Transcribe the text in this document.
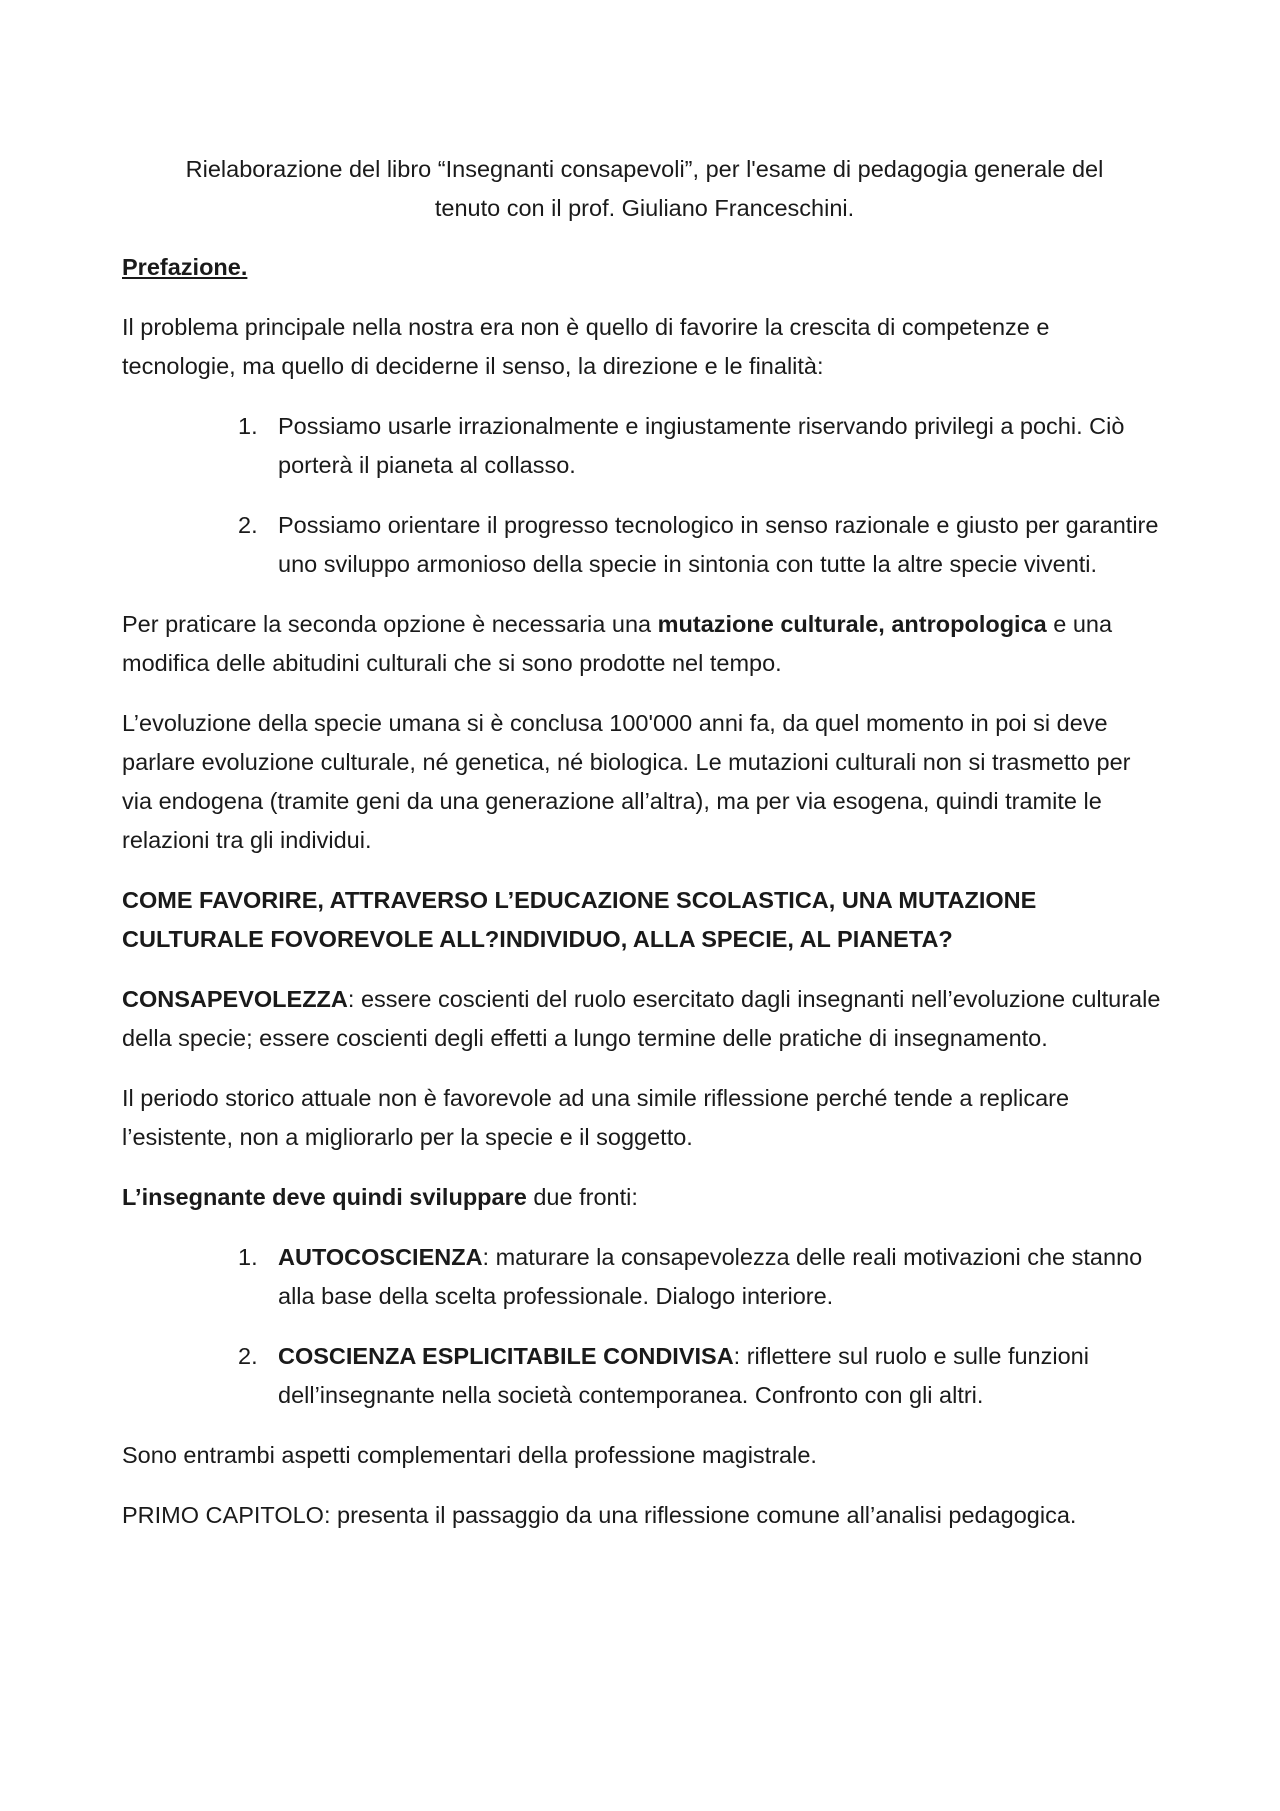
Rielaborazione del libro “Insegnanti consapevoli”, per l'esame di pedagogia generale del
tenuto con il prof. Giuliano Franceschini.
Prefazione.

Il problema principale nella nostra era non è quello di favorire la crescita di competenze e tecnologie, ma quello di deciderne il senso, la direzione e le finalità:

1. Possiamo usarle irrazionalmente e ingiustamente riservando privilegi a pochi. Ciò porterà il pianeta al collasso.
2. Possiamo orientare il progresso tecnologico in senso razionale e giusto per garantire uno sviluppo armonioso della specie in sintonia con tutte la altre specie viventi.

Per praticare la seconda opzione è necessaria una mutazione culturale, antropologica e una modifica delle abitudini culturali che si sono prodotte nel tempo.

L’evoluzione della specie umana si è conclusa 100'000 anni fa, da quel momento in poi si deve parlare evoluzione culturale, né genetica, né biologica. Le mutazioni culturali non si trasmetto per via endogena (tramite geni da una generazione all’altra), ma per via esogena, quindi tramite le relazioni tra gli individui.

COME FAVORIRE, ATTRAVERSO L’EDUCAZIONE SCOLASTICA, UNA MUTAZIONE CULTURALE FOVOREVOLE ALL?INDIVIDUO, ALLA SPECIE, AL PIANETA?

CONSAPEVOLEZZA: essere coscienti del ruolo esercitato dagli insegnanti nell’evoluzione culturale della specie; essere coscienti degli effetti a lungo termine delle pratiche di insegnamento.

Il periodo storico attuale non è favorevole ad una simile riflessione perché tende a replicare l’esistente, non a migliorarlo per la specie e il soggetto.

L’insegnante deve quindi sviluppare due fronti:

1. AUTOCOSCIENZA: maturare la consapevolezza delle reali motivazioni che stanno alla base della scelta professionale. Dialogo interiore.
2. COSCIENZA ESPLICITABILE CONDIVISA: riflettere sul ruolo e sulle funzioni dell’insegnante nella società contemporanea. Confronto con gli altri.

Sono entrambi aspetti complementari della professione magistrale.

PRIMO CAPITOLO: presenta il passaggio da una riflessione comune all’analisi pedagogica.
